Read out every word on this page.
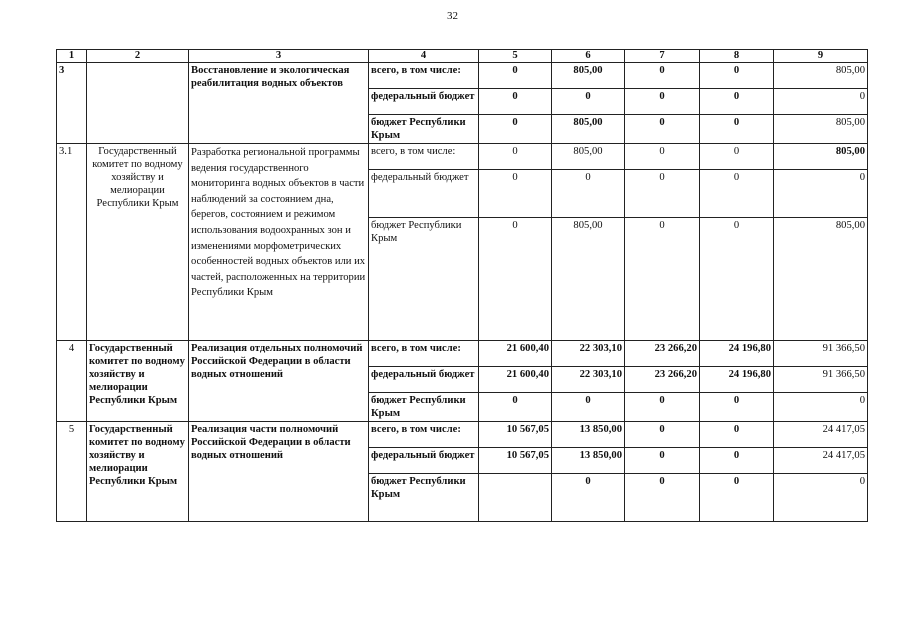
32
1	2	3	4	5	6	7	8	9
3		Восстановление и экологическая реабилитация водных объектов	всего, в том числе:	0	805,00	0	0	805,00
			федеральный бюджет	0	0	0	0	0
			бюджет Республики Крым	0	805,00	0	0	805,00
3.1	Государственный комитет по водному хозяйству и мелиорации Республики Крым	Разработка региональной программы ведения государственного мониторинга водных объектов в части наблюдений за состоянием дна, берегов, состоянием и режимом использования водоохранных зон и изменениями морфометрических особенностей водных объектов или их частей, расположенных на территории Республики Крым	всего, в том числе:	0	805,00	0	0	805,00
			федеральный бюджет	0	0	0	0	0
			бюджет Республики Крым	0	805,00	0	0	805,00
4	Государственный комитет по водному хозяйству и мелиорации Республики Крым	Реализация отдельных полномочий Российской Федерации в области водных отношений	всего, в том числе:	21 600,40	22 303,10	23 266,20	24 196,80	91 366,50
			федеральный бюджет	21 600,40	22 303,10	23 266,20	24 196,80	91 366,50
			бюджет Республики Крым	0	0	0	0	0
5	Государственный комитет по водному хозяйству и мелиорации Республики Крым	Реализация части полномочий Российской Федерации в области водных отношений	всего, в том числе:	10 567,05	13 850,00	0	0	24 417,05
			федеральный бюджет	10 567,05	13 850,00	0	0	24 417,05
			бюджет Республики Крым		0	0	0	0
